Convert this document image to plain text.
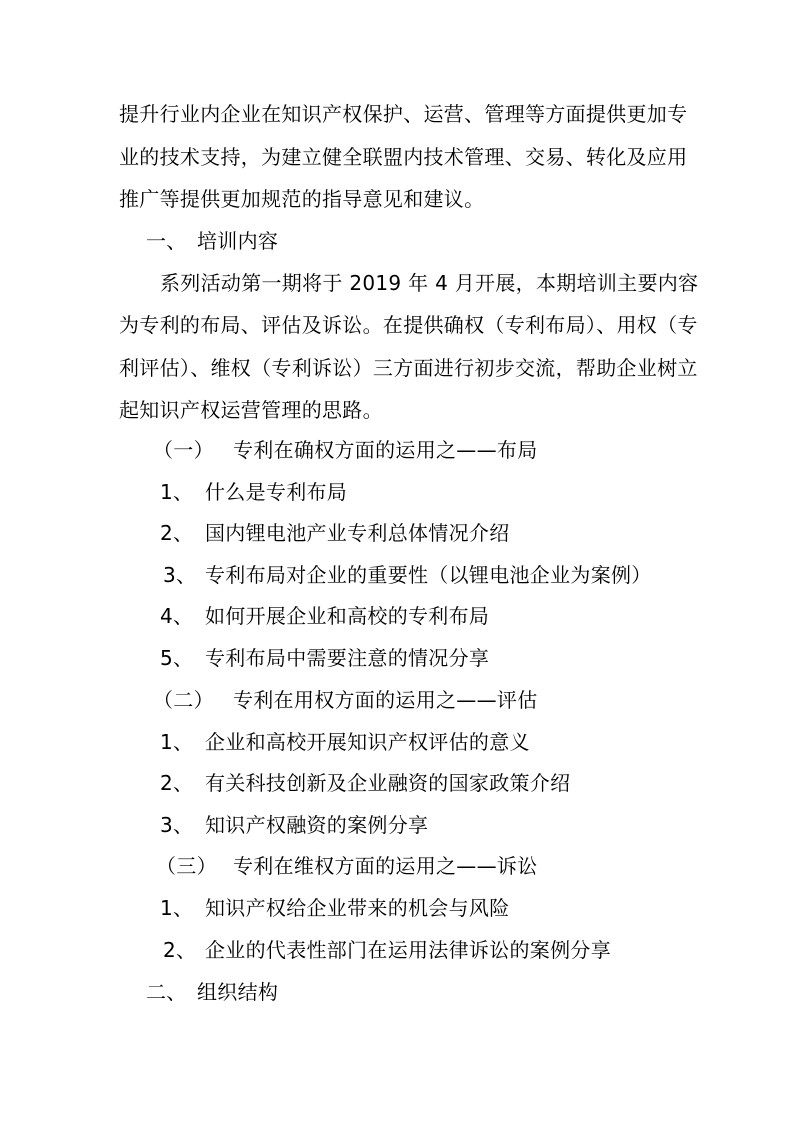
提升行业内企业在知识产权保护、运营、管理等方面提供更加专
业的技术支持，为建立健全联盟内技术管理、交易、转化及应用
推广等提供更加规范的指导意见和建议。
一、 培训内容
系列活动第一期将于 2019 年 4 月开展，本期培训主要内容
为专利的布局、评估及诉讼。在提供确权（专利布局）、用权（专
利评估）、维权（专利诉讼）三方面进行初步交流，帮助企业树立
起知识产权运营管理的思路。
（一） 专利在确权方面的运用之——布局
1、 什么是专利布局
2、 国内锂电池产业专利总体情况介绍
3、 专利布局对企业的重要性（以锂电池企业为案例）
4、 如何开展企业和高校的专利布局
5、 专利布局中需要注意的情况分享
（二） 专利在用权方面的运用之——评估
1、 企业和高校开展知识产权评估的意义
2、 有关科技创新及企业融资的国家政策介绍
3、 知识产权融资的案例分享
（三） 专利在维权方面的运用之——诉讼
1、 知识产权给企业带来的机会与风险
2、 企业的代表性部门在运用法律诉讼的案例分享
二、 组织结构
